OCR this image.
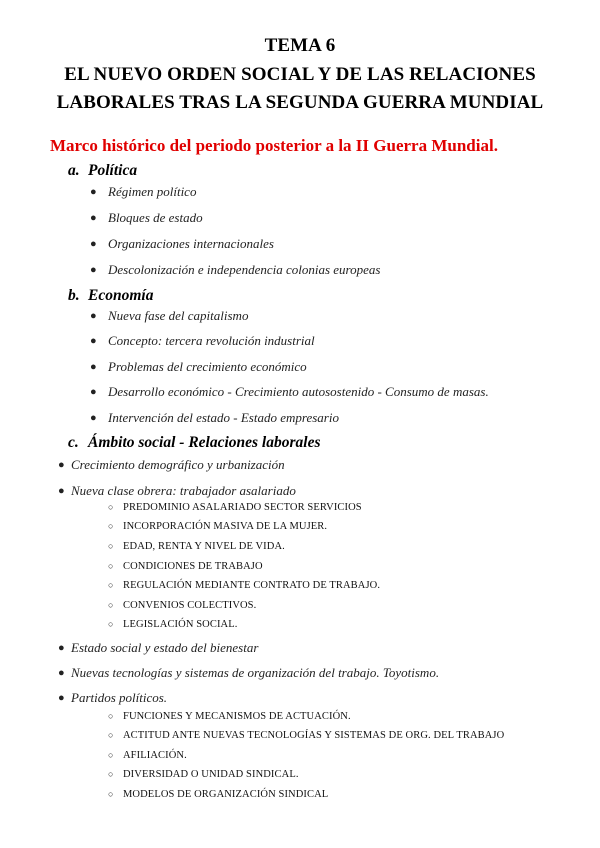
TEMA 6
EL NUEVO ORDEN SOCIAL Y DE LAS RELACIONES
LABORALES TRAS LA SEGUNDA GUERRA MUNDIAL
Marco histórico del periodo posterior a la II Guerra Mundial.
a. Política
● Régimen político
● Bloques de estado
● Organizaciones internacionales
● Descolonización e independencia colonias europeas
b. Economía
● Nueva fase del capitalismo
● Concepto: tercera revolución industrial
● Problemas del crecimiento económico
● Desarrollo económico - Crecimiento autosostenido - Consumo de masas.
● Intervención del estado - Estado empresario
c. Ámbito social - Relaciones laborales
● Crecimiento demográfico y urbanización
● Nueva clase obrera: trabajador asalariado
○ PREDOMINIO ASALARIADO SECTOR SERVICIOS
○ INCORPORACIÓN MASIVA DE LA MUJER.
○ EDAD, RENTA Y NIVEL DE VIDA.
○ CONDICIONES DE TRABAJO
○ REGULACIÓN MEDIANTE CONTRATO DE TRABAJO.
○ CONVENIOS COLECTIVOS.
○ LEGISLACIÓN SOCIAL.
● Estado social y estado del bienestar
● Nuevas tecnologías y sistemas de organización del trabajo. Toyotismo.
● Partidos políticos.
○ FUNCIONES Y MECANISMOS DE ACTUACIÓN.
○ ACTITUD ANTE NUEVAS TECNOLOGÍAS Y SISTEMAS DE ORG. DEL TRABAJO
○ AFILIACIÓN.
○ DIVERSIDAD O UNIDAD SINDICAL.
○ MODELOS DE ORGANIZACIÓN SINDICAL
